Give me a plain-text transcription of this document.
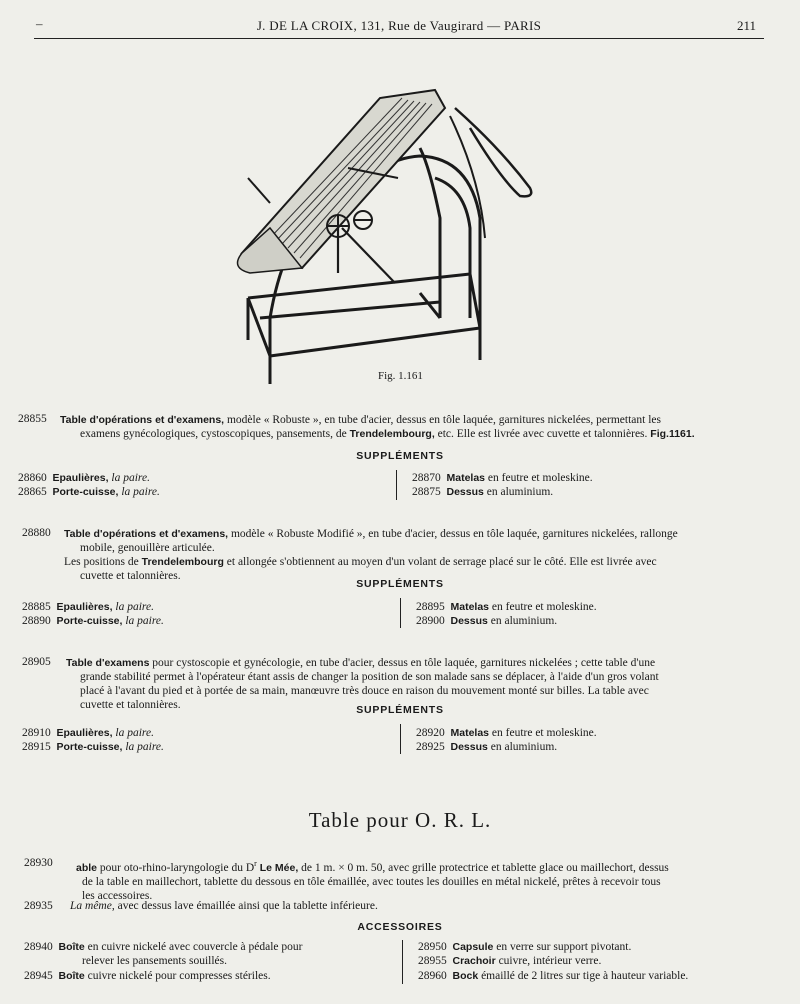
–	J. DE LA CROIX, 131, Rue de Vaugirard — PARIS	211
Fig. 1.161
28855 Table d'opérations et d'examens, modèle « Robuste », en tube d'acier, dessus en tôle laquée, garnitures nickelées, permettant les
examens gynécologiques, cystoscopiques, pansements, de Trendelembourg, etc. Elle est livrée avec cuvette et talonnières. Fig.1161.
SUPPLÉMENTS
28860 Epaulières, la paire.
28865 Porte-cuisse, la paire.
28870 Matelas en feutre et moleskine.
28875 Dessus en aluminium.
28880 Table d'opérations et d'examens, modèle « Robuste Modifié », en tube d'acier, dessus en tôle laquée, garnitures nickelées, rallonge
mobile, genouillère articulée.
Les positions de Trendelembourg et allongée s'obtiennent au moyen d'un volant de serrage placé sur le côté. Elle est livrée avec
cuvette et talonnières.
SUPPLÉMENTS
28885 Epaulières, la paire.
28890 Porte-cuisse, la paire.
28895 Matelas en feutre et moleskine.
28900 Dessus en aluminium.
28905 Table d'examens pour cystoscopie et gynécologie, en tube d'acier, dessus en tôle laquée, garnitures nickelées ; cette table d'une
grande stabilité permet à l'opérateur étant assis de changer la position de son malade sans se déplacer, à l'aide d'un gros volant
placé à l'avant du pied et à portée de sa main, manœuvre très douce en raison du mouvement monté sur billes. La table avec
cuvette et talonnières.	SUPPLÉMENTS
28910 Epaulières, la paire.
28915 Porte-cuisse, la paire.
28920 Matelas en feutre et moleskine.
28925 Dessus en aluminium.
Table pour O. R. L.
28930 able pour oto-rhino-laryngologie du $D^r$ Le Mée, de 1 m. × 0 m. 50, avec grille protectrice et tablette glace ou maillechort, dessus
de la table en maillechort, tablette du dessous en tôle émaillée, avec toutes les douilles en métal nickelé, prêtes à recevoir tous
les accessoires.
28935 La même, avec dessus lave émaillée ainsi que la tablette inférieure.
ACCESSOIRES
28940 Boîte en cuivre nickelé avec couvercle à pédale pour
relever les pansements souillés.
28945 Boîte cuivre nickelé pour compresses stériles.
28950 Capsule en verre sur support pivotant.
28955 Crachoir cuivre, intérieur verre.
28960 Bock émaillé de 2 litres sur tige à hauteur variable.
